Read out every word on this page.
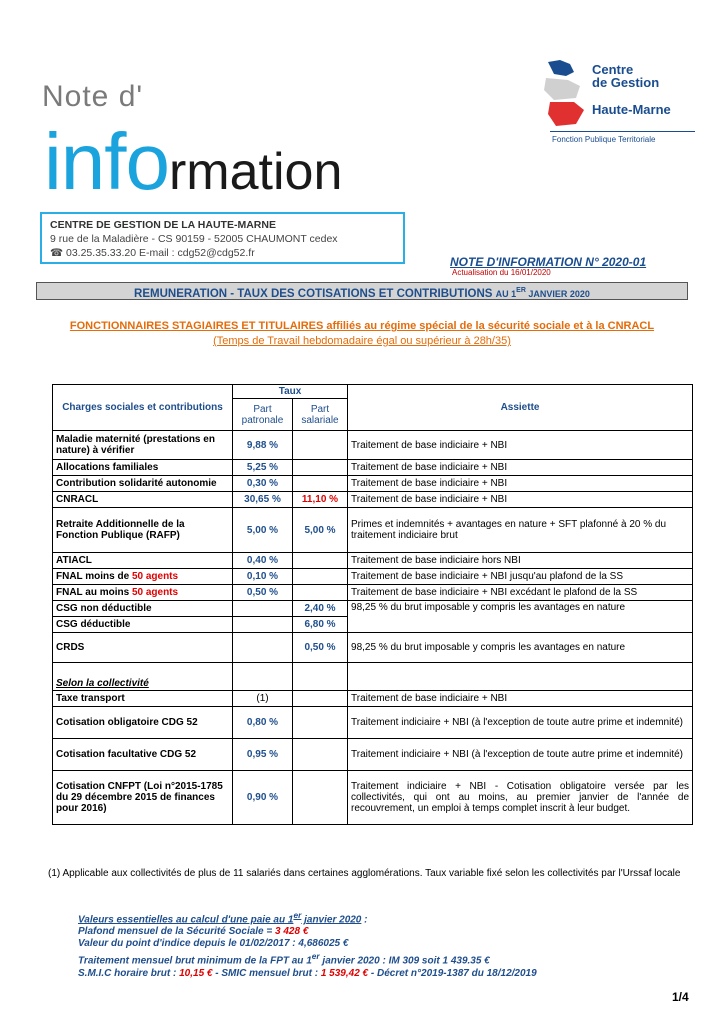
Note d'
information
Centre
de Gestion
Haute-Marne
Fonction Publique Territoriale
CENTRE DE GESTION DE LA HAUTE-MARNE
9 rue de la Maladière - CS 90159 - 52005 CHAUMONT cedex
☎ 03.25.35.33.20 E-mail : cdg52@cdg52.fr
NOTE D'INFORMATION N° 2020-01
Actualisation du 16/01/2020
REMUNERATION - TAUX DES COTISATIONS ET CONTRIBUTIONS AU 1ER JANVIER 2020
FONCTIONNAIRES STAGIAIRES ET TITULAIRES affiliés au régime spécial de la sécurité sociale et à la CNRACL
(Temps de Travail hebdomadaire égal ou supérieur à 28h/35)
Charges sociales et contributions	Taux		Assiette
	Part patronale	Part salariale	
Maladie maternité (prestations en nature) à vérifier	9,88 %		Traitement de base indiciaire + NBI
Allocations familiales	5,25 %		Traitement de base indiciaire + NBI
Contribution solidarité autonomie	0,30 %		Traitement de base indiciaire + NBI
CNRACL	30,65 %	11,10 %	Traitement de base indiciaire + NBI
Retraite Additionnelle de la Fonction Publique (RAFP)	5,00 %	5,00 %	Primes et indemnités + avantages en nature + SFT plafonné à 20 % du traitement indiciaire brut
ATIACL	0,40 %		Traitement de base indiciaire hors NBI
FNAL moins de 50 agents	0,10 %		Traitement de base indiciaire + NBI jusqu'au plafond de la SS
FNAL au moins 50 agents	0,50 %		Traitement de base indiciaire + NBI excédant le plafond de la SS
CSG non déductible		2,40 %	98,25 % du brut imposable y compris les avantages en nature
CSG déductible		6,80 %	
CRDS		0,50 %	98,25 % du brut imposable y compris les avantages en nature
Selon la collectivité			
Taxe transport	(1)		Traitement de base indiciaire + NBI
Cotisation obligatoire CDG 52	0,80 %		Traitement indiciaire + NBI (à l'exception de toute autre prime et indemnité)
Cotisation facultative CDG 52	0,95 %		Traitement indiciaire + NBI (à l'exception de toute autre prime et indemnité)
Cotisation CNFPT (Loi n°2015-1785 du 29 décembre 2015 de finances pour 2016)	0,90 %		Traitement indiciaire + NBI - Cotisation obligatoire versée par les collectivités, qui ont au moins, au premier janvier de l'année de recouvrement, un emploi à temps complet inscrit à leur budget.
(1) Applicable aux collectivités de plus de 11 salariés dans certaines agglomérations. Taux variable fixé selon les collectivités par l'Urssaf locale
Valeurs essentielles au calcul d'une paie au 1er janvier 2020 :
Plafond mensuel de la Sécurité Sociale = 3 428 €
Valeur du point d'indice depuis le 01/02/2017 : 4,686025 €
Traitement mensuel brut minimum de la FPT au 1er janvier 2020 : IM 309 soit 1 439.35 €
S.M.I.C horaire brut : 10,15 € - SMIC mensuel brut : 1 539,42 € - Décret n°2019-1387 du 18/12/2019
1/4
